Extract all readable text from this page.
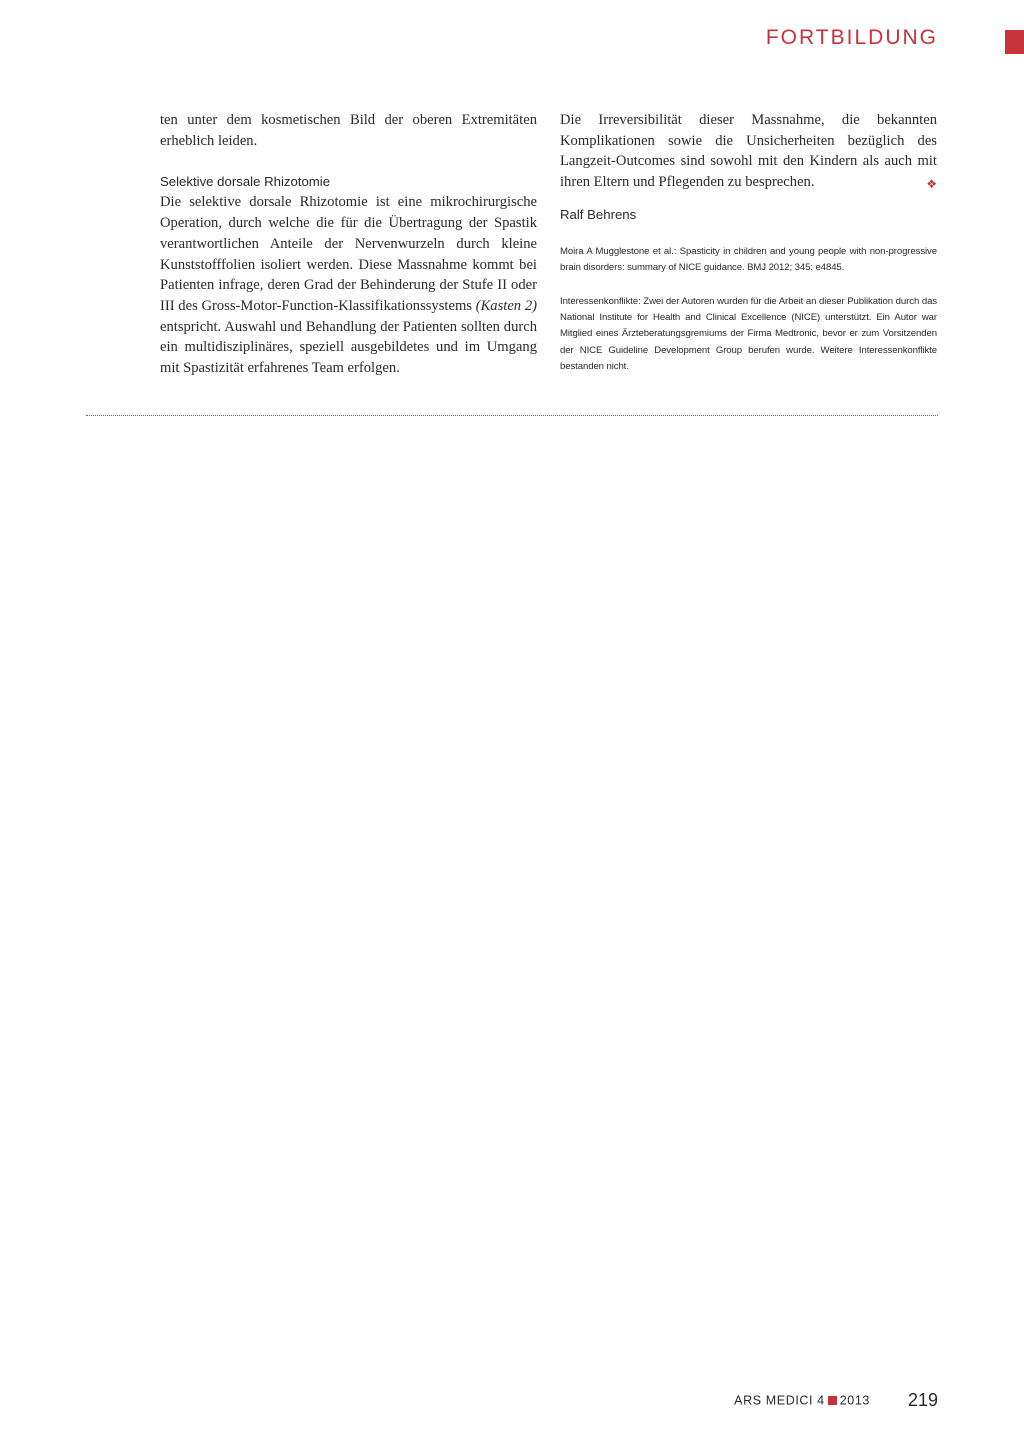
FORTBILDUNG

ten unter dem kosmetischen Bild der oberen Extremitäten erheblich leiden.

Selektive dorsale Rhizotomie

Die selektive dorsale Rhizotomie ist eine mikrochirurgische Operation, durch welche die für die Übertragung der Spastik verantwortlichen Anteile der Nervenwurzeln durch kleine Kunststofffolien isoliert werden. Diese Massnahme kommt bei Patienten infrage, deren Grad der Behinderung der Stufe II oder III des Gross-Motor-Function-Klassifikationssystems (Kasten 2) entspricht. Auswahl und Behandlung der Patienten sollten durch ein multidisziplinäres, speziell ausgebildetes und im Umgang mit Spastizität erfahrenes Team erfolgen.

Die Irreversibilität dieser Massnahme, die bekannten Komplikationen sowie die Unsicherheiten bezüglich des Langzeit-Outcomes sind sowohl mit den Kindern als auch mit ihren Eltern und Pflegenden zu besprechen.	❖

Ralf Behrens

Moira A Mugglestone et al.: Spasticity in children and young people with non-progressive brain disorders: summary of NICE guidance. BMJ 2012; 345: e4845.

Interessenkonflikte: Zwei der Autoren wurden für die Arbeit an dieser Publikation durch das National Institute for Health and Clinical Excellence (NICE) unterstützt. Ein Autor war Mitglied eines Ärzteberatungsgremiums der Firma Medtronic, bevor er zum Vorsitzenden der NICE Guideline Development Group berufen wurde. Weitere Interessenkonflikte bestanden nicht.

ARS MEDICI 4 2013 219
